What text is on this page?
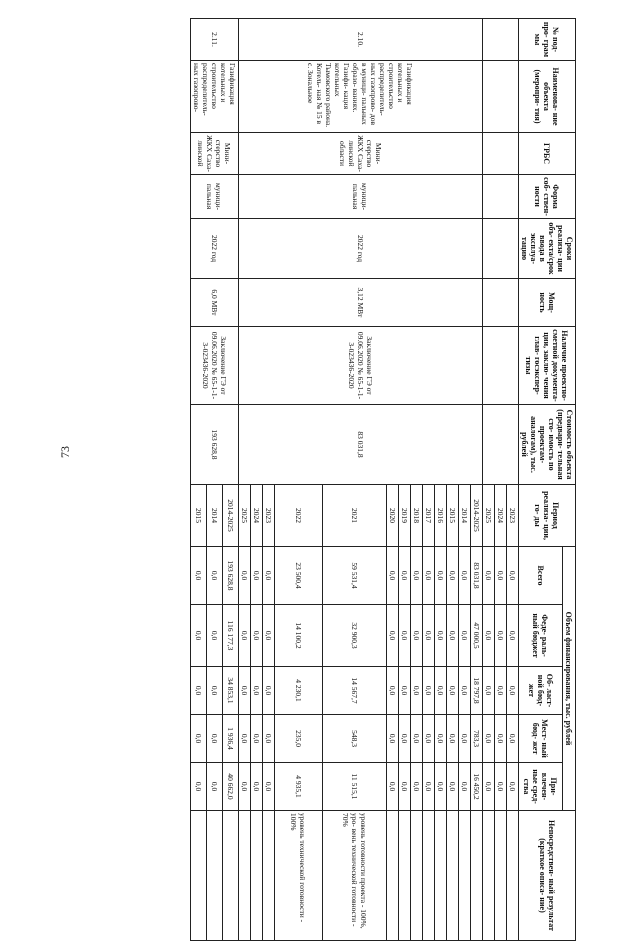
73
№ под- про- грам мы	Наименова- ние объекта (меропри- тия)	ГРБС	Форма соб- ствен- ности	Сроки реализа- ции объ- екта/срок ввода в эксплуа- тацию	Мощ- ность	Наличие проектно- сметной документа- ции, заклю- чения глав- госэкспер- тизы	Стоимость объекта (предвари- тельная сто- имость по проектам- аналогам), тыс. рублей	Период реализа- ции, го- ды	Объем финансирования, тыс. рублей					Непосредствен- ный результат (краткое описа- ние)
									Всего	Феде- раль- ный бюджет	Об- ласт- ной бюд- жет	Мест- ный бюд- жет	При- влечен- ные сред- ства	
								2023	0,0	0,0	0,0	0,0	0,0	
								2024	0,0	0,0	0,0	0,0	0,0	
								2025	0,0	0,0	0,0	0,0	0,0	
2.10.	Газификация котельных и строительство распределитель- ных газопрово- дов в муници- пальных образо- ваниях. Газифи- кация котельных Тымовского района. Котель- ная № 15 в с. Зональное	Мини- стерство ЖКХ Саха- линской области	муници- пальная	2022 год	3,12 МВт	Заключение ГЭ от 09.06.2020 № 65-1-1-3-023436-2020	83 031,8	2014-2025	83 031,8	47 000,5	18 797,8	783,3	16 450,2	
								2014	0,0	0,0	0,0	0,0	0,0	
								2015	0,0	0,0	0,0	0,0	0,0	
								2016	0,0	0,0	0,0	0,0	0,0	
								2017	0,0	0,0	0,0	0,0	0,0	
								2018	0,0	0,0	0,0	0,0	0,0	
								2019	0,0	0,0	0,0	0,0	0,0	
								2020	0,0	0,0	0,0	0,0	0,0	
								2021	59 531,4	32 900,3	14 567,7	548,3	11 515,1	уровень готовности проекта - 100%, уро- вень технической готовности - 70%
								2022	23 500,4	14 100,2	4 230,1	235,0	4 935,1	уровень технической готовности - 100%
								2023	0,0	0,0	0,0	0,0	0,0	
								2024	0,0	0,0	0,0	0,0	0,0	
								2025	0,0	0,0	0,0	0,0	0,0	
2.11.	Газификация котельных и строительство распределитель- ных газопрово-	Мини- стерство ЖКХ Саха- линской	муници- пальная	2022 год	6,0 МВт	Заключение ГЭ от 09.06.2020 № 65-1-1-3-023436-2020	193 628,8	2014-2025	193 628,8	116 177,3	34 853,1	1 936,4	40 662,0	
								2014	0,0	0,0	0,0	0,0	0,0	
								2015	0,0	0,0	0,0	0,0	0,0	
